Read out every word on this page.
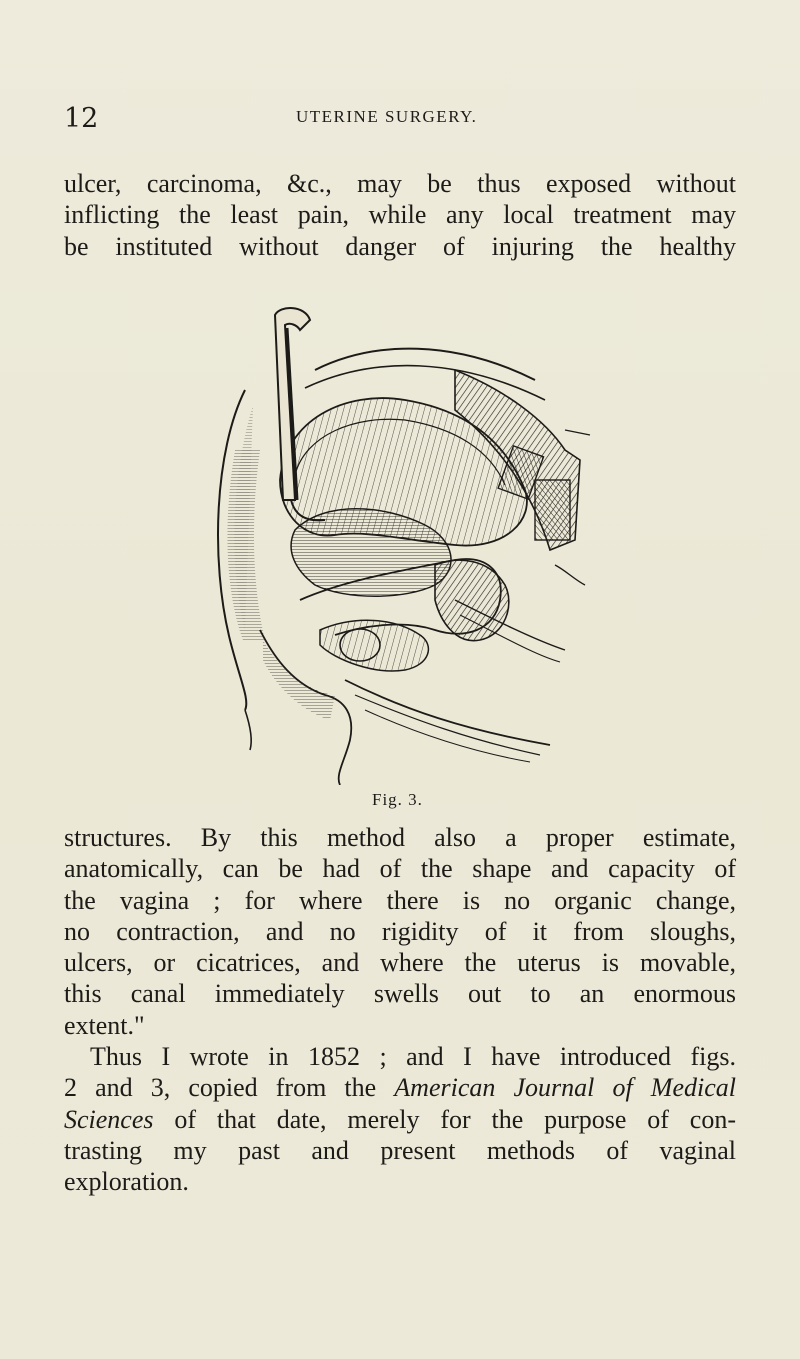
12	UTERINE SURGERY.
ulcer, carcinoma, &c., may be thus exposed without
inflicting the least pain, while any local treatment may
be instituted without danger of injuring the healthy
Fig. 3.
structures. By this method also a proper estimate,
anatomically, can be had of the shape and capacity of
the vagina ; for where there is no organic change,
no contraction, and no rigidity of it from sloughs,
ulcers, or cicatrices, and where the uterus is movable,
this canal immediately swells out to an enormous
extent."
Thus I wrote in 1852 ; and I have introduced figs.
2 and 3, copied from the American Journal of Medical
Sciences of that date, merely for the purpose of con-
trasting my past and present methods of vaginal
exploration.
